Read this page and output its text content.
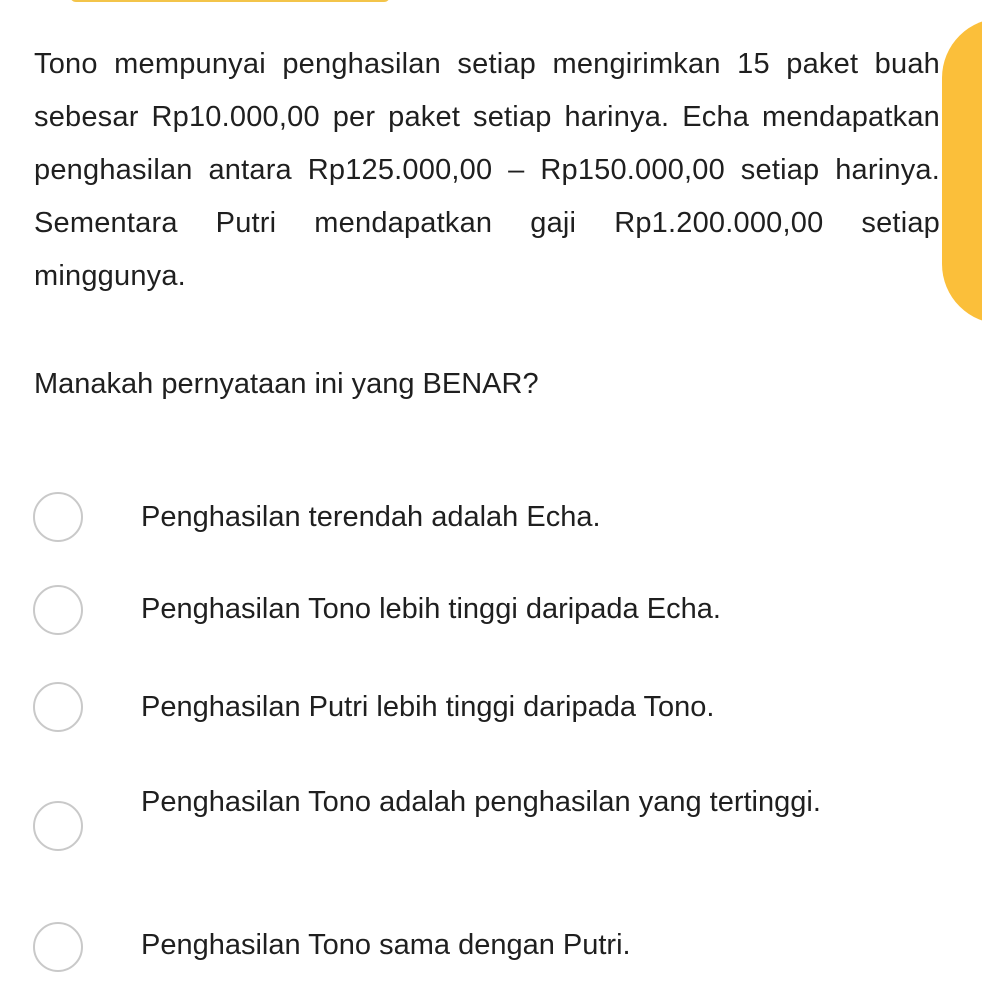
Tono mempunyai penghasilan setiap mengirimkan 15 paket buah sebesar Rp10.000,00 per paket setiap harinya. Echa mendapatkan penghasilan antara Rp125.000,00 – Rp150.000,00 setiap harinya. Sementara Putri mendapatkan gaji Rp1.200.000,00 setiap minggunya.

Manakah pernyataan ini yang BENAR?

Penghasilan terendah adalah Echa.
Penghasilan Tono lebih tinggi daripada Echa.
Penghasilan Putri lebih tinggi daripada Tono.
Penghasilan Tono adalah penghasilan yang tertinggi.
Penghasilan Tono sama dengan Putri.
